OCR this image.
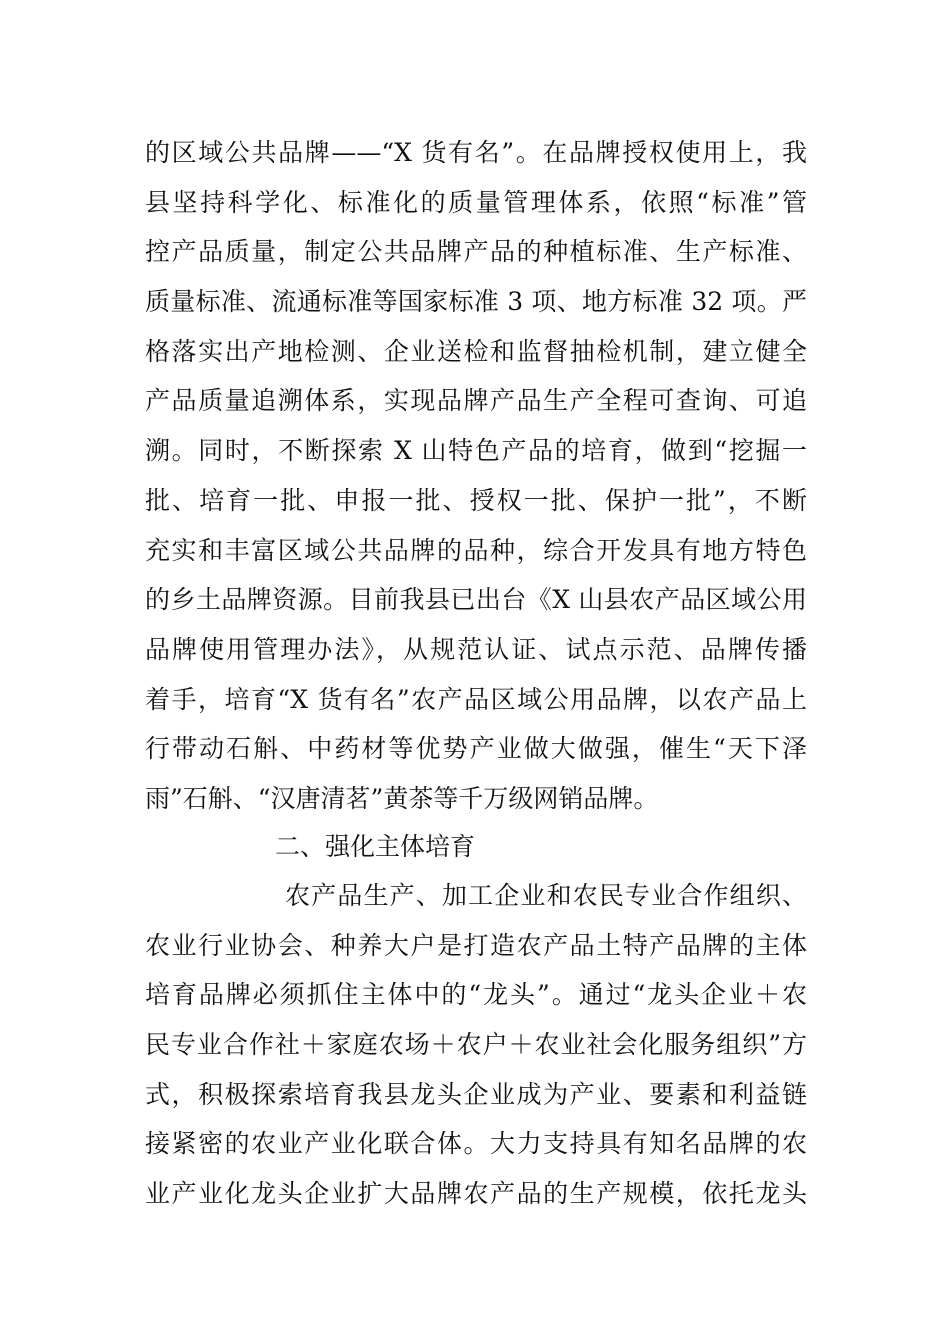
的区域公共品牌——“X 货有名”。在品牌授权使用上，我
县坚持科学化、标准化的质量管理体系，依照“标准”管
控产品质量，制定公共品牌产品的种植标准、生产标准、
质量标准、流通标准等国家标准 3 项、地方标准 32 项。严
格落实出产地检测、企业送检和监督抽检机制，建立健全
产品质量追溯体系，实现品牌产品生产全程可查询、可追
溯。同时，不断探索 X 山特色产品的培育，做到“挖掘一
批、培育一批、申报一批、授权一批、保护一批”，不断
充实和丰富区域公共品牌的品种，综合开发具有地方特色
的乡土品牌资源。目前我县已出台《X 山县农产品区域公用
品牌使用管理办法》，从规范认证、试点示范、品牌传播
着手，培育“X 货有名”农产品区域公用品牌，以农产品上
行带动石斛、中药材等优势产业做大做强，催生“天下泽
雨”石斛、“汉唐清茗”黄茶等千万级网销品牌。
二、强化主体培育
农产品生产、加工企业和农民专业合作组织、
农业行业协会、种养大户是打造农产品土特产品牌的主体
培育品牌必须抓住主体中的“龙头”。通过“龙头企业＋农
民专业合作社＋家庭农场＋农户＋农业社会化服务组织”方
式，积极探索培育我县龙头企业成为产业、要素和利益链
接紧密的农业产业化联合体。大力支持具有知名品牌的农
业产业化龙头企业扩大品牌农产品的生产规模，依托龙头
